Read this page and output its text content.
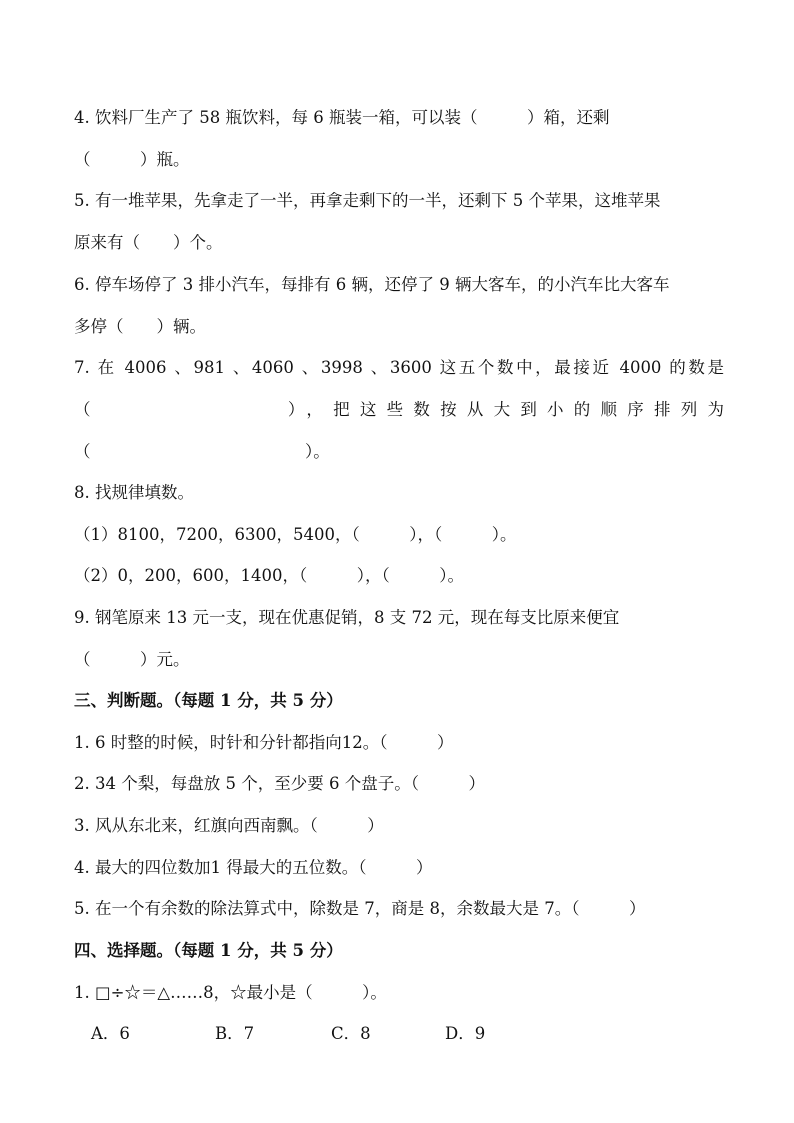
4. 饮料厂生产了 58 瓶饮料，每 6 瓶装一箱，可以装（　　　）箱，还剩
（　　　）瓶。
5. 有一堆苹果，先拿走了一半，再拿走剩下的一半，还剩下 5 个苹果，这堆苹果
原来有（　　）个。
6. 停车场停了 3 排小汽车，每排有 6 辆，还停了 9 辆大客车，的小汽车比大客车
多停（　　）辆。
7. 在 4006 、981 、4060 、3998 、3600 这五个数中，最接近 4000 的数是
（　　　　　　　），把这些数按从大到小的顺序排列为
（　　　　　　　　　　　　　）。
8. 找规律填数。
（1）8100，7200，6300，5400，（　　　），（　　　）。
（2）0，200，600，1400，（　　　），（　　　）。
9. 钢笔原来 13 元一支，现在优惠促销，8 支 72 元，现在每支比原来便宜
（　　　）元。
三、判断题。（每题 1 分，共 5 分）
1. 6 时整的时候，时针和分针都指向12。（　　　）
2. 34 个梨，每盘放 5 个，至少要 6 个盘子。（　　　）
3. 风从东北来，红旗向西南飘。（　　　）
4. 最大的四位数加1 得最大的五位数。（　　　）
5. 在一个有余数的除法算式中，除数是 7，商是 8，余数最大是 7。（　　　）
四、选择题。（每题 1 分，共 5 分）
1. □÷☆＝△……8，☆最小是（　　　）。
A．6	B．7	C．8	D．9
